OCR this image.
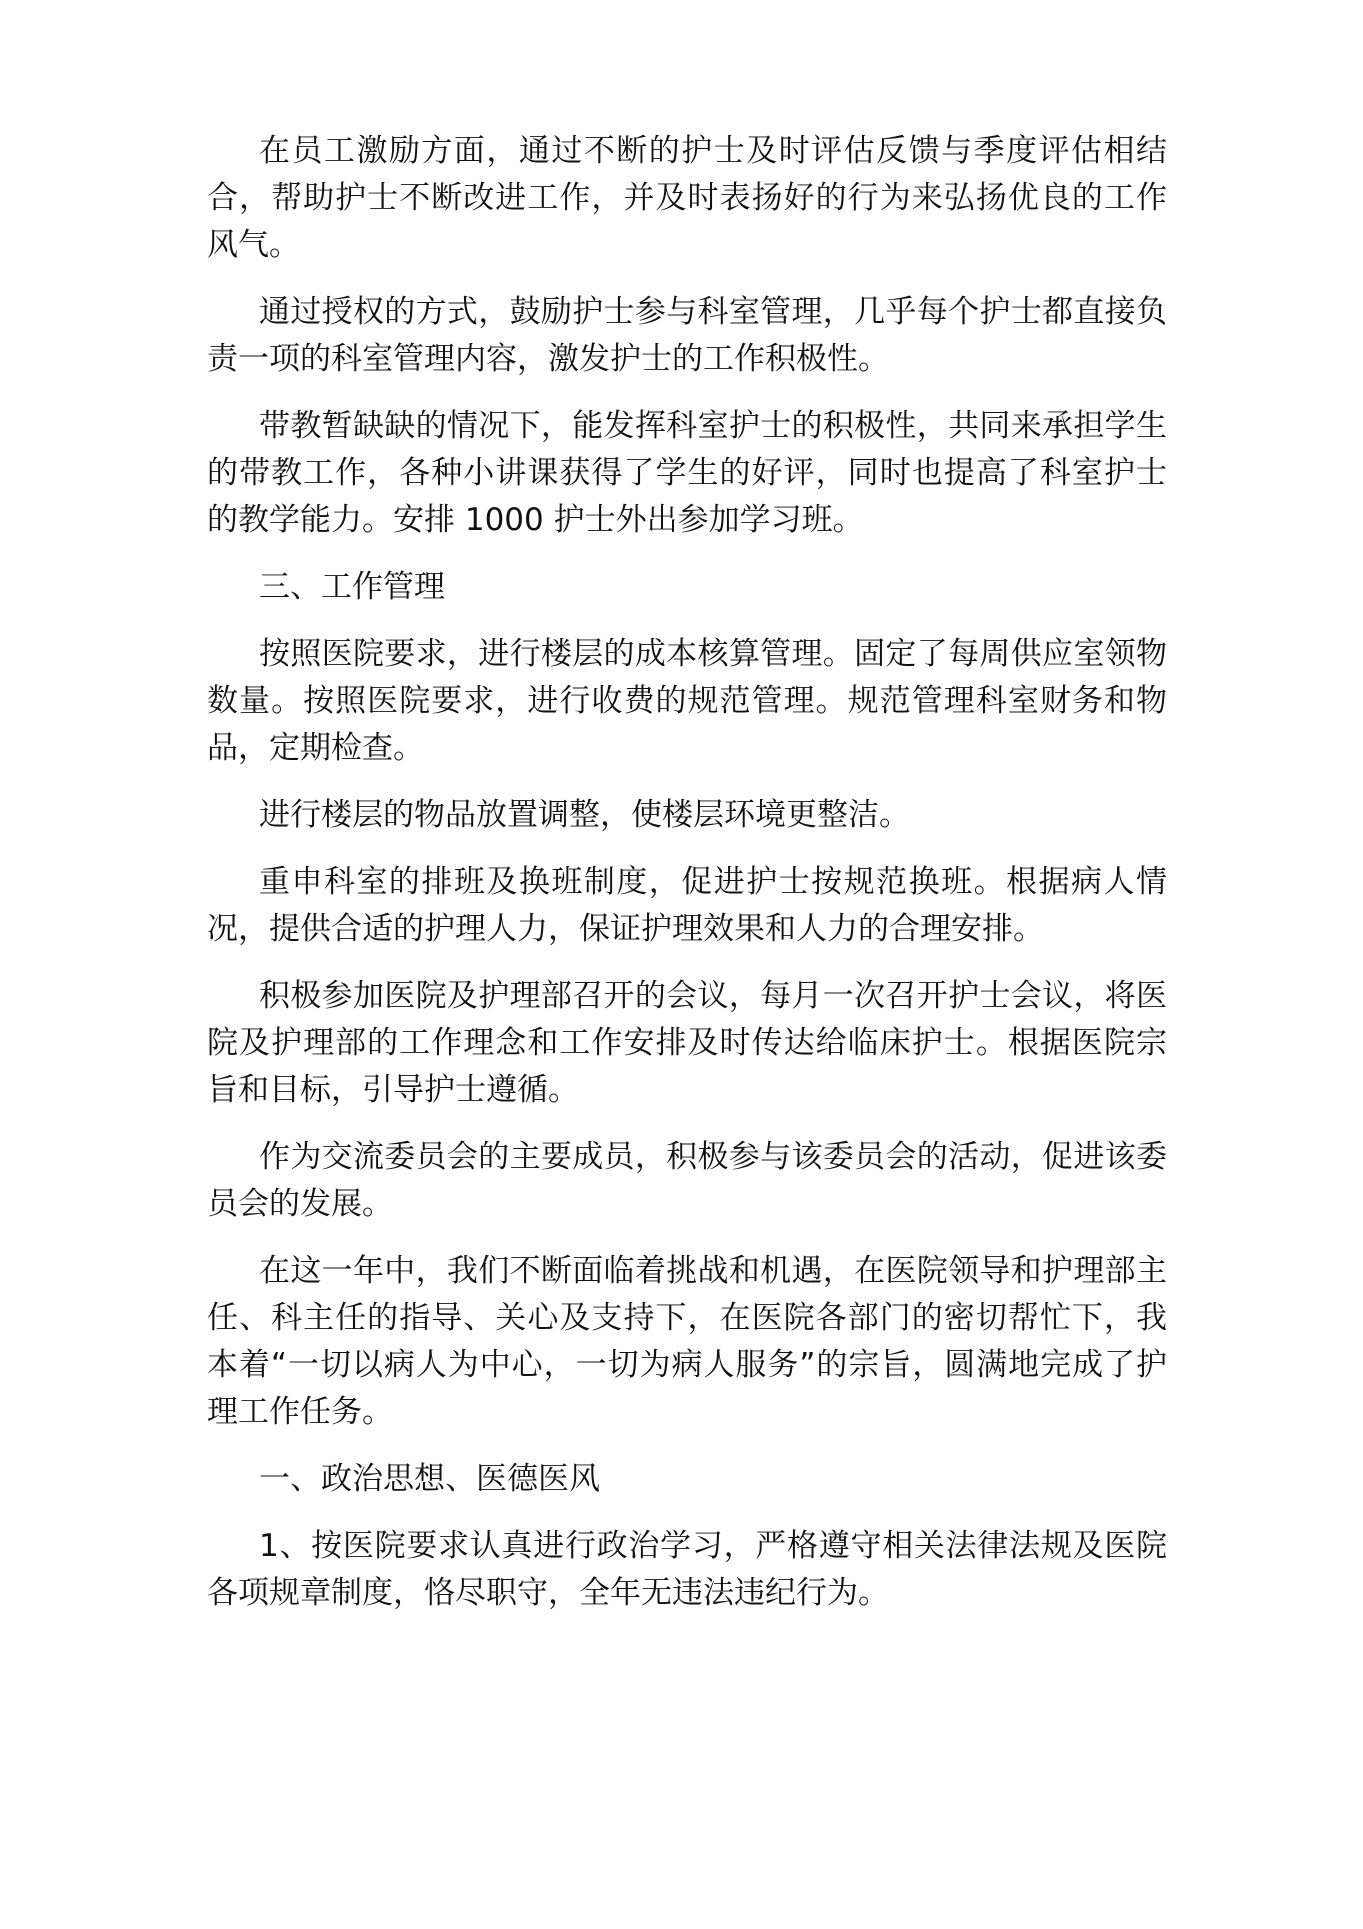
在员工激励方面，通过不断的护士及时评估反馈与季度评估相结合，帮助护士不断改进工作，并及时表扬好的行为来弘扬优良的工作风气。

通过授权的方式，鼓励护士参与科室管理，几乎每个护士都直接负责一项的科室管理内容，激发护士的工作积极性。

带教暂缺缺的情况下，能发挥科室护士的积极性，共同来承担学生的带教工作，各种小讲课获得了学生的好评，同时也提高了科室护士的教学能力。安排 1000 护士外出参加学习班。

三、工作管理

按照医院要求，进行楼层的成本核算管理。固定了每周供应室领物数量。按照医院要求，进行收费的规范管理。规范管理科室财务和物品，定期检查。

进行楼层的物品放置调整，使楼层环境更整洁。

重申科室的排班及换班制度，促进护士按规范换班。根据病人情况，提供合适的护理人力，保证护理效果和人力的合理安排。

积极参加医院及护理部召开的会议，每月一次召开护士会议，将医院及护理部的工作理念和工作安排及时传达给临床护士。根据医院宗旨和目标，引导护士遵循。

作为交流委员会的主要成员，积极参与该委员会的活动，促进该委员会的发展。

在这一年中，我们不断面临着挑战和机遇，在医院领导和护理部主任、科主任的指导、关心及支持下，在医院各部门的密切帮忙下，我本着“一切以病人为中心，一切为病人服务”的宗旨，圆满地完成了护理工作任务。

一、政治思想、医德医风

1、按医院要求认真进行政治学习，严格遵守相关法律法规及医院各项规章制度，恪尽职守，全年无违法违纪行为。
